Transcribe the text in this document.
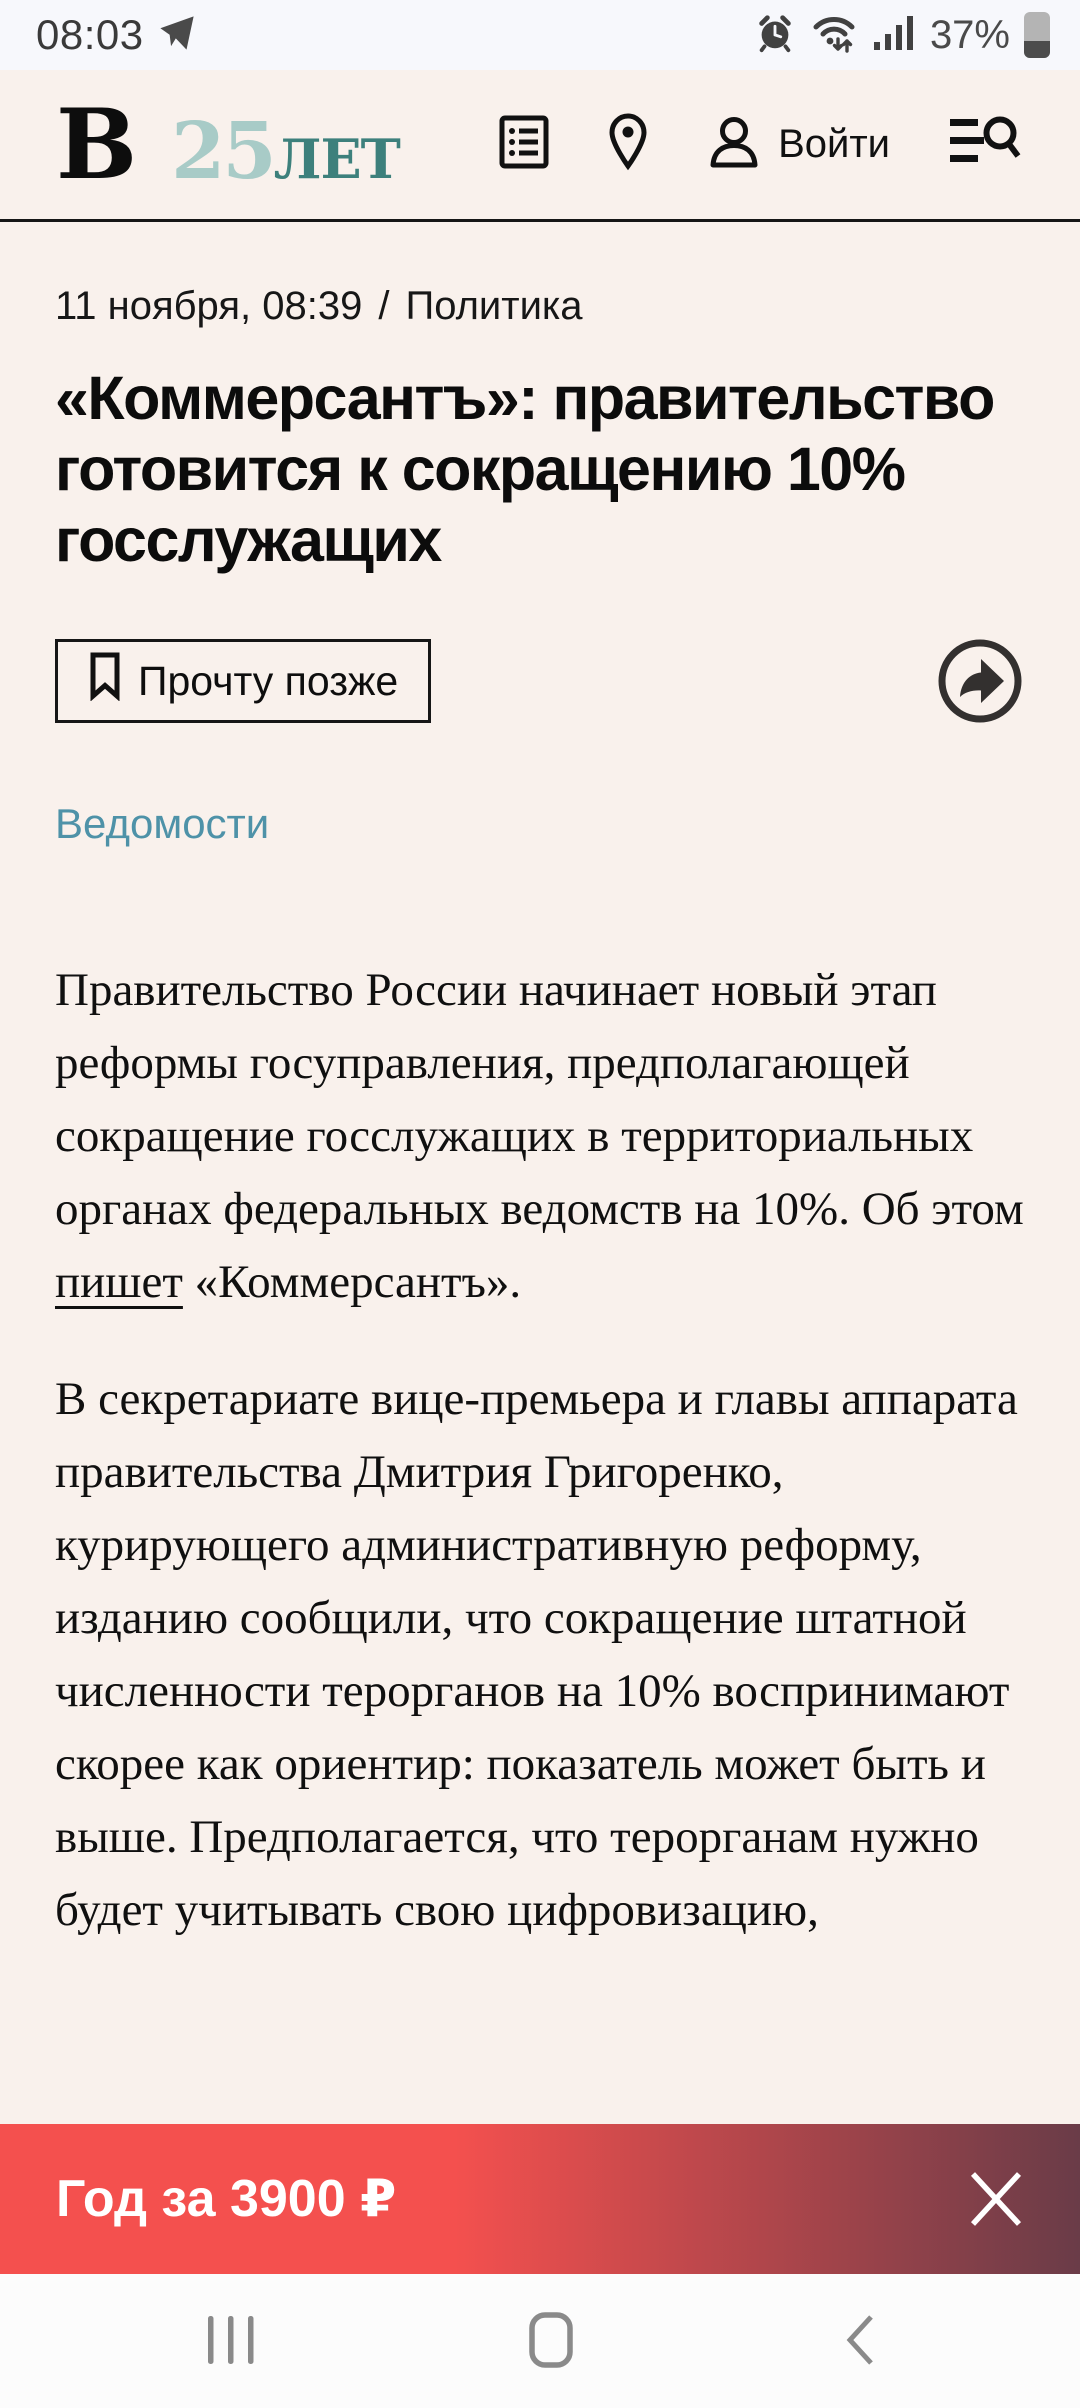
08:03	37%
В 25 ЛЕТ	Войти
11 ноября, 08:39 / Политика
«Коммерсантъ»: правительство готовится к сокращению 10% госслужащих
Прочту позже
Ведомости

Правительство России начинает новый этап реформы госуправления, предполагающей сокращение госслужащих в территориальных органах федеральных ведомств на 10%. Об этом пишет «Коммерсантъ».

В секретариате вице-премьера и главы аппарата правительства Дмитрия Григоренко, курирующего административную реформу, изданию сообщили, что сокращение штатной численности терорганов на 10% воспринимают скорее как ориентир: показатель может быть и выше. Предполагается, что терорганам нужно будет учитывать свою цифровизацию,

Год за 3900 ₽
